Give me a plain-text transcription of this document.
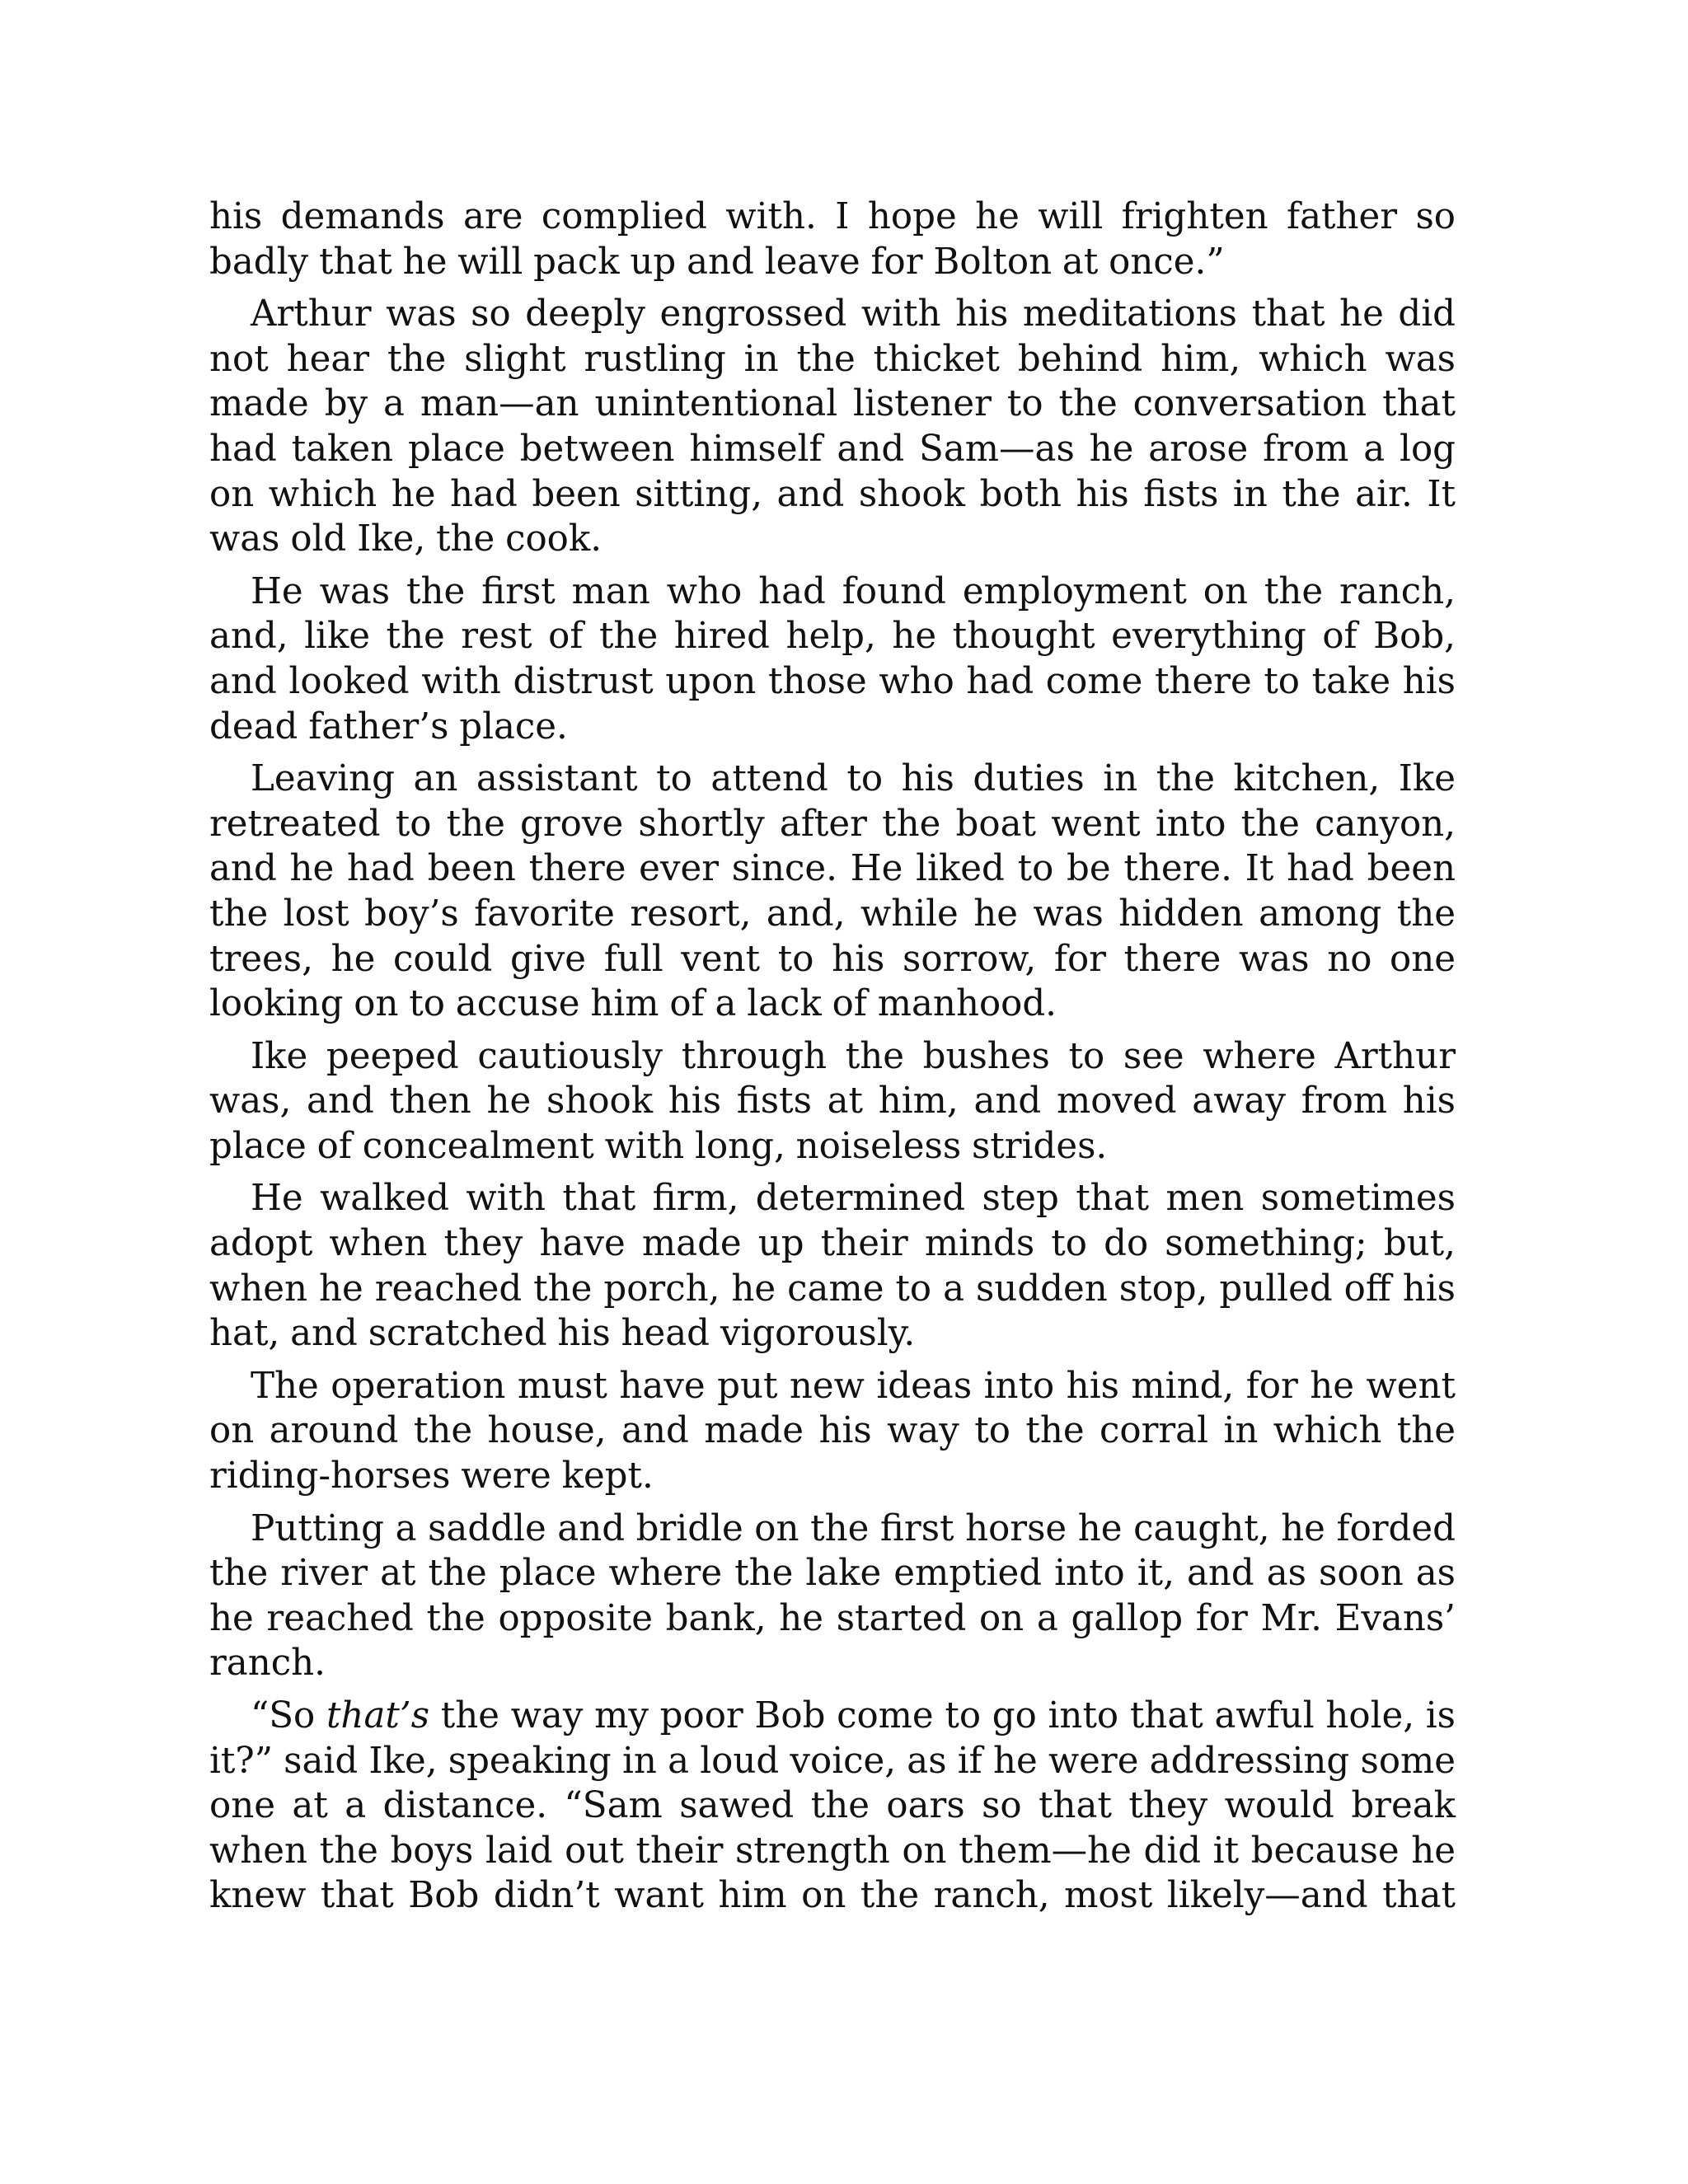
his demands are complied with. I hope he will frighten father so badly that he will pack up and leave for Bolton at once.”

Arthur was so deeply engrossed with his meditations that he did not hear the slight rustling in the thicket behind him, which was made by a man—an unintentional listener to the conversation that had taken place between himself and Sam—as he arose from a log on which he had been sitting, and shook both his fists in the air. It was old Ike, the cook.

He was the first man who had found employment on the ranch, and, like the rest of the hired help, he thought everything of Bob, and looked with distrust upon those who had come there to take his dead father’s place.

Leaving an assistant to attend to his duties in the kitchen, Ike retreated to the grove shortly after the boat went into the canyon, and he had been there ever since. He liked to be there. It had been the lost boy’s favorite resort, and, while he was hidden among the trees, he could give full vent to his sorrow, for there was no one looking on to accuse him of a lack of manhood.

Ike peeped cautiously through the bushes to see where Arthur was, and then he shook his fists at him, and moved away from his place of concealment with long, noiseless strides.

He walked with that firm, determined step that men sometimes adopt when they have made up their minds to do something; but, when he reached the porch, he came to a sudden stop, pulled off his hat, and scratched his head vigorously.

The operation must have put new ideas into his mind, for he went on around the house, and made his way to the corral in which the riding-horses were kept.

Putting a saddle and bridle on the first horse he caught, he forded the river at the place where the lake emptied into it, and as soon as he reached the opposite bank, he started on a gallop for Mr. Evans’ ranch.

“So that’s the way my poor Bob come to go into that awful hole, is it?” said Ike, speaking in a loud voice, as if he were addressing some one at a distance. “Sam sawed the oars so that they would break when the boys laid out their strength on them—he did it because he knew that Bob didn’t want him on the ranch, most likely—and that
